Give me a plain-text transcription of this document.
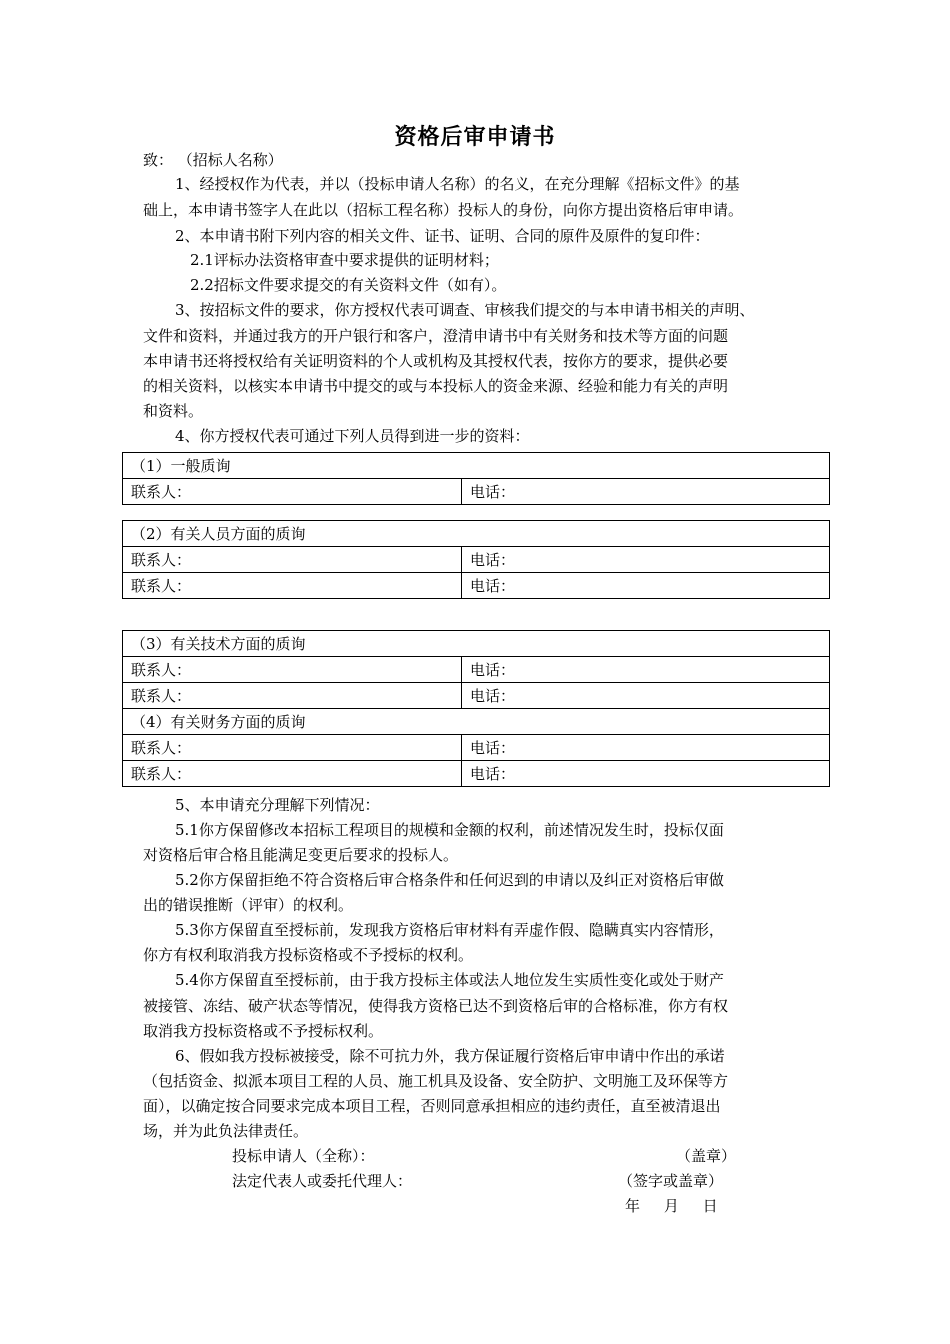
资格后审申请书
致： （招标人名称）
1、经授权作为代表，并以（投标申请人名称）的名义，在充分理解《招标文件》的基
础上，本申请书签字人在此以（招标工程名称）投标人的身份，向你方提出资格后审申请。
2、本申请书附下列内容的相关文件、证书、证明、合同的原件及原件的复印件：
2.1评标办法资格审查中要求提供的证明材料；
2.2招标文件要求提交的有关资料文件（如有）。
3、按招标文件的要求，你方授权代表可调查、审核我们提交的与本申请书相关的声明、
文件和资料，并通过我方的开户银行和客户，澄清申请书中有关财务和技术等方面的问题
本申请书还将授权给有关证明资料的个人或机构及其授权代表，按你方的要求，提供必要
的相关资料，以核实本申请书中提交的或与本投标人的资金来源、经验和能力有关的声明
和资料。
4、你方授权代表可通过下列人员得到进一步的资料：
（1）一般质询
联系人：	电话：
（2）有关人员方面的质询	
联系人：	电话：
联系人：	电话：
（3）有关技术方面的质询	
联系人：	电话：
联系人：	电话：
（4）有关财务方面的质询	
联系人：	电话：
联系人：	电话：
5、本申请充分理解下列情况：
5.1你方保留修改本招标工程项目的规模和金额的权利，前述情况发生时，投标仅面
对资格后审合格且能满足变更后要求的投标人。
5.2你方保留拒绝不符合资格后审合格条件和任何迟到的申请以及纠正对资格后审做
出的错误推断（评审）的权利。
5.3你方保留直至授标前，发现我方资格后审材料有弄虚作假、隐瞒真实内容情形，
你方有权利取消我方投标资格或不予授标的权利。
5.4你方保留直至授标前，由于我方投标主体或法人地位发生实质性变化或处于财产
被接管、冻结、破产状态等情况，使得我方资格已达不到资格后审的合格标准，你方有权
取消我方投标资格或不予授标权利。
6、假如我方投标被接受，除不可抗力外，我方保证履行资格后审申请中作出的承诺
（包括资金、拟派本项目工程的人员、施工机具及设备、安全防护、文明施工及环保等方
面），以确定按合同要求完成本项目工程，否则同意承担相应的违约责任，直至被清退出
场，并为此负法律责任。
投标申请人（全称）：	（盖章）
法定代表人或委托代理人：	（签字或盖章）
年     月     日
